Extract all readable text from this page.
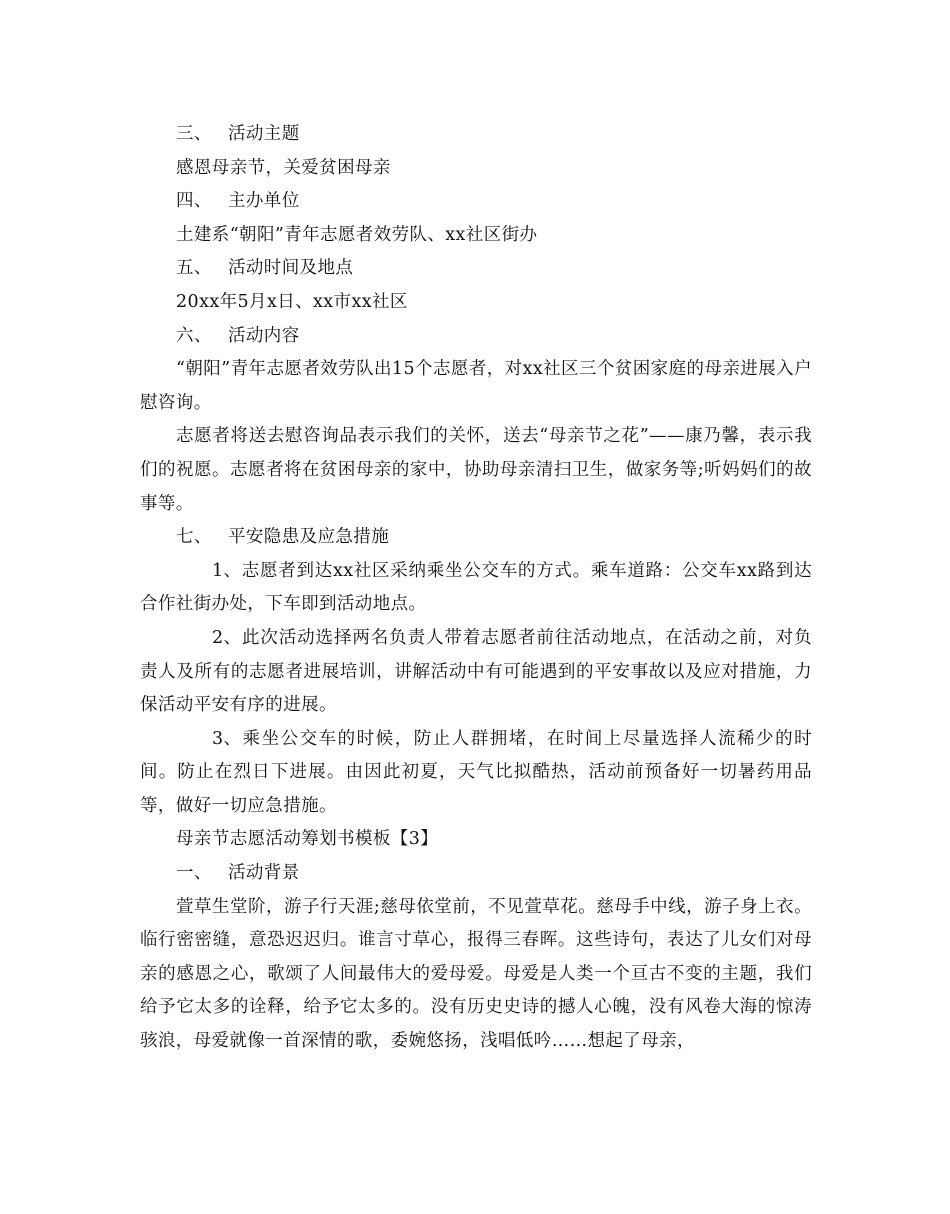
三、 活动主题

感恩母亲节，关爱贫困母亲

四、 主办单位

土建系“朝阳”青年志愿者效劳队、xx社区街办

五、 活动时间及地点

20xx年5月x日、xx市xx社区

六、 活动内容

“朝阳”青年志愿者效劳队出15个志愿者，对xx社区三个贫困家庭的母亲进展入户慰咨询。

志愿者将送去慰咨询品表示我们的关怀，送去“母亲节之花”——康乃馨，表示我们的祝愿。志愿者将在贫困母亲的家中，协助母亲清扫卫生，做家务等;听妈妈们的故事等。

七、 平安隐患及应急措施

1、志愿者到达xx社区采纳乘坐公交车的方式。乘车道路：公交车xx路到达合作社街办处，下车即到活动地点。

2、此次活动选择两名负责人带着志愿者前往活动地点，在活动之前，对负责人及所有的志愿者进展培训，讲解活动中有可能遇到的平安事故以及应对措施，力保活动平安有序的进展。

3、乘坐公交车的时候，防止人群拥堵，在时间上尽量选择人流稀少的时间。防止在烈日下进展。由因此初夏，天气比拟酷热，活动前预备好一切暑药用品等，做好一切应急措施。

母亲节志愿活动筹划书模板【3】

一、 活动背景

萱草生堂阶，游子行天涯;慈母依堂前，不见萱草花。慈母手中线，游子身上衣。临行密密缝，意恐迟迟归。谁言寸草心，报得三春晖。这些诗句，表达了儿女们对母亲的感恩之心，歌颂了人间最伟大的爱母爱。母爱是人类一个亘古不变的主题，我们给予它太多的诠释，给予它太多的。没有历史史诗的撼人心魄，没有风卷大海的惊涛骇浪，母爱就像一首深情的歌，委婉悠扬，浅唱低吟……想起了母亲，
